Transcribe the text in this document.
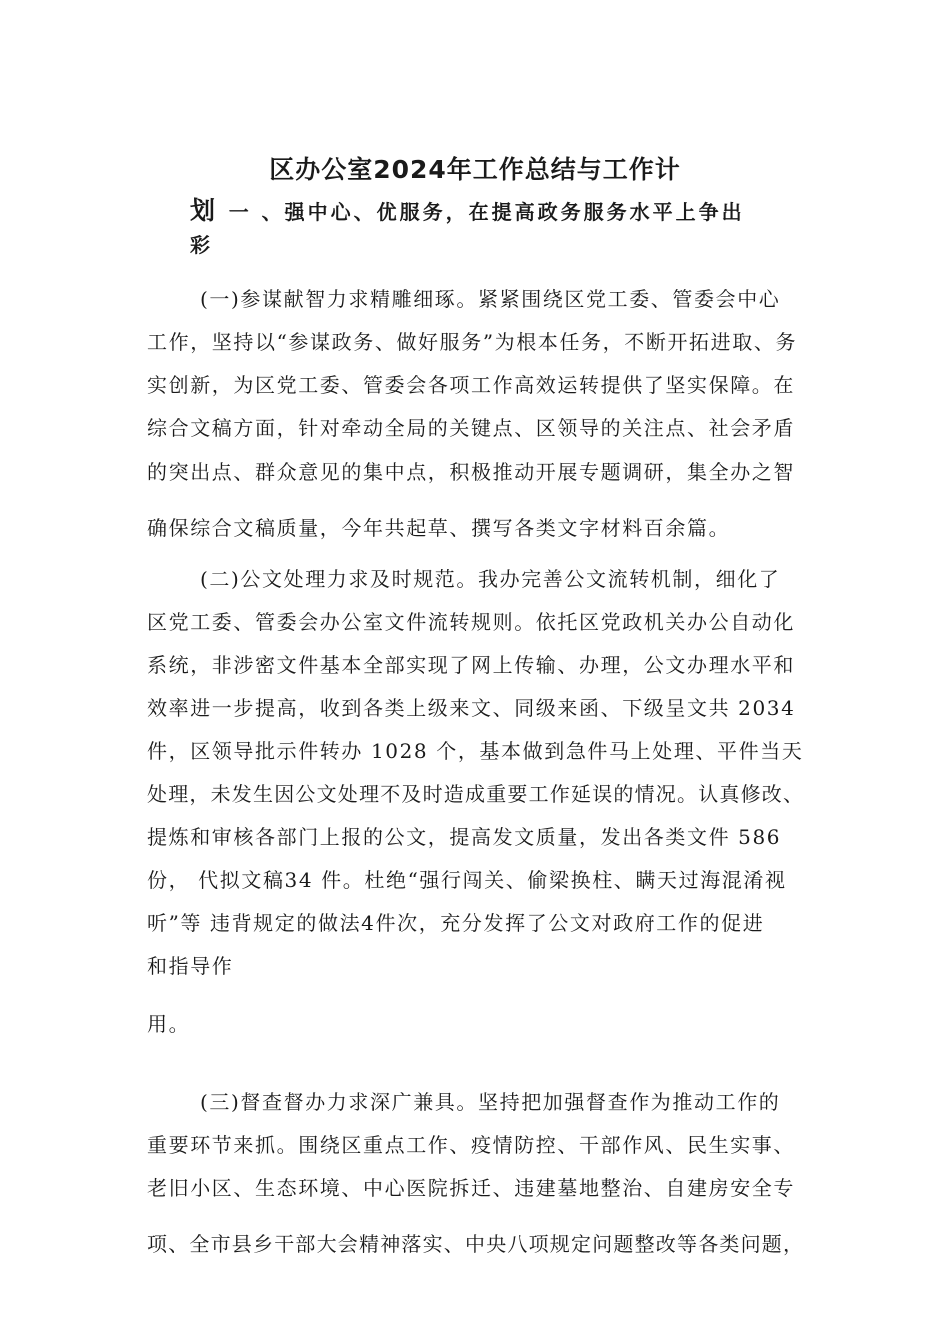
区办公室2024年工作总结与工作计
划 一 、强中心、优服务，在提高政务服务水平上争出
彩
(一)参谋献智力求精雕细琢。紧紧围绕区党工委、管委会中心
工作，坚持以“参谋政务、做好服务”为根本任务，不断开拓进取、务
实创新，为区党工委、管委会各项工作高效运转提供了坚实保障。在
综合文稿方面，针对牵动全局的关键点、区领导的关注点、社会矛盾
的突出点、群众意见的集中点，积极推动开展专题调研，集全办之智
确保综合文稿质量，今年共起草、撰写各类文字材料百余篇。
(二)公文处理力求及时规范。我办完善公文流转机制，细化了
区党工委、管委会办公室文件流转规则。依托区党政机关办公自动化
系统，非涉密文件基本全部实现了网上传输、办理，公文办理水平和
效率进一步提高，收到各类上级来文、同级来函、下级呈文共 2034
件，区领导批示件转办 1028 个，基本做到急件马上处理、平件当天
处理，未发生因公文处理不及时造成重要工作延误的情况。认真修改、
提炼和审核各部门上报的公文，提高发文质量，发出各类文件 586
份， 代拟文稿34 件。杜绝“强行闯关、偷梁换柱、瞒天过海混淆视
听”等 违背规定的做法4件次，充分发挥了公文对政府工作的促进
和指导作
用。
(三)督查督办力求深广兼具。坚持把加强督查作为推动工作的
重要环节来抓。围绕区重点工作、疫情防控、干部作风、民生实事、
老旧小区、生态环境、中心医院拆迁、违建墓地整治、自建房安全专
项、全市县乡干部大会精神落实、中央八项规定问题整改等各类问题，
